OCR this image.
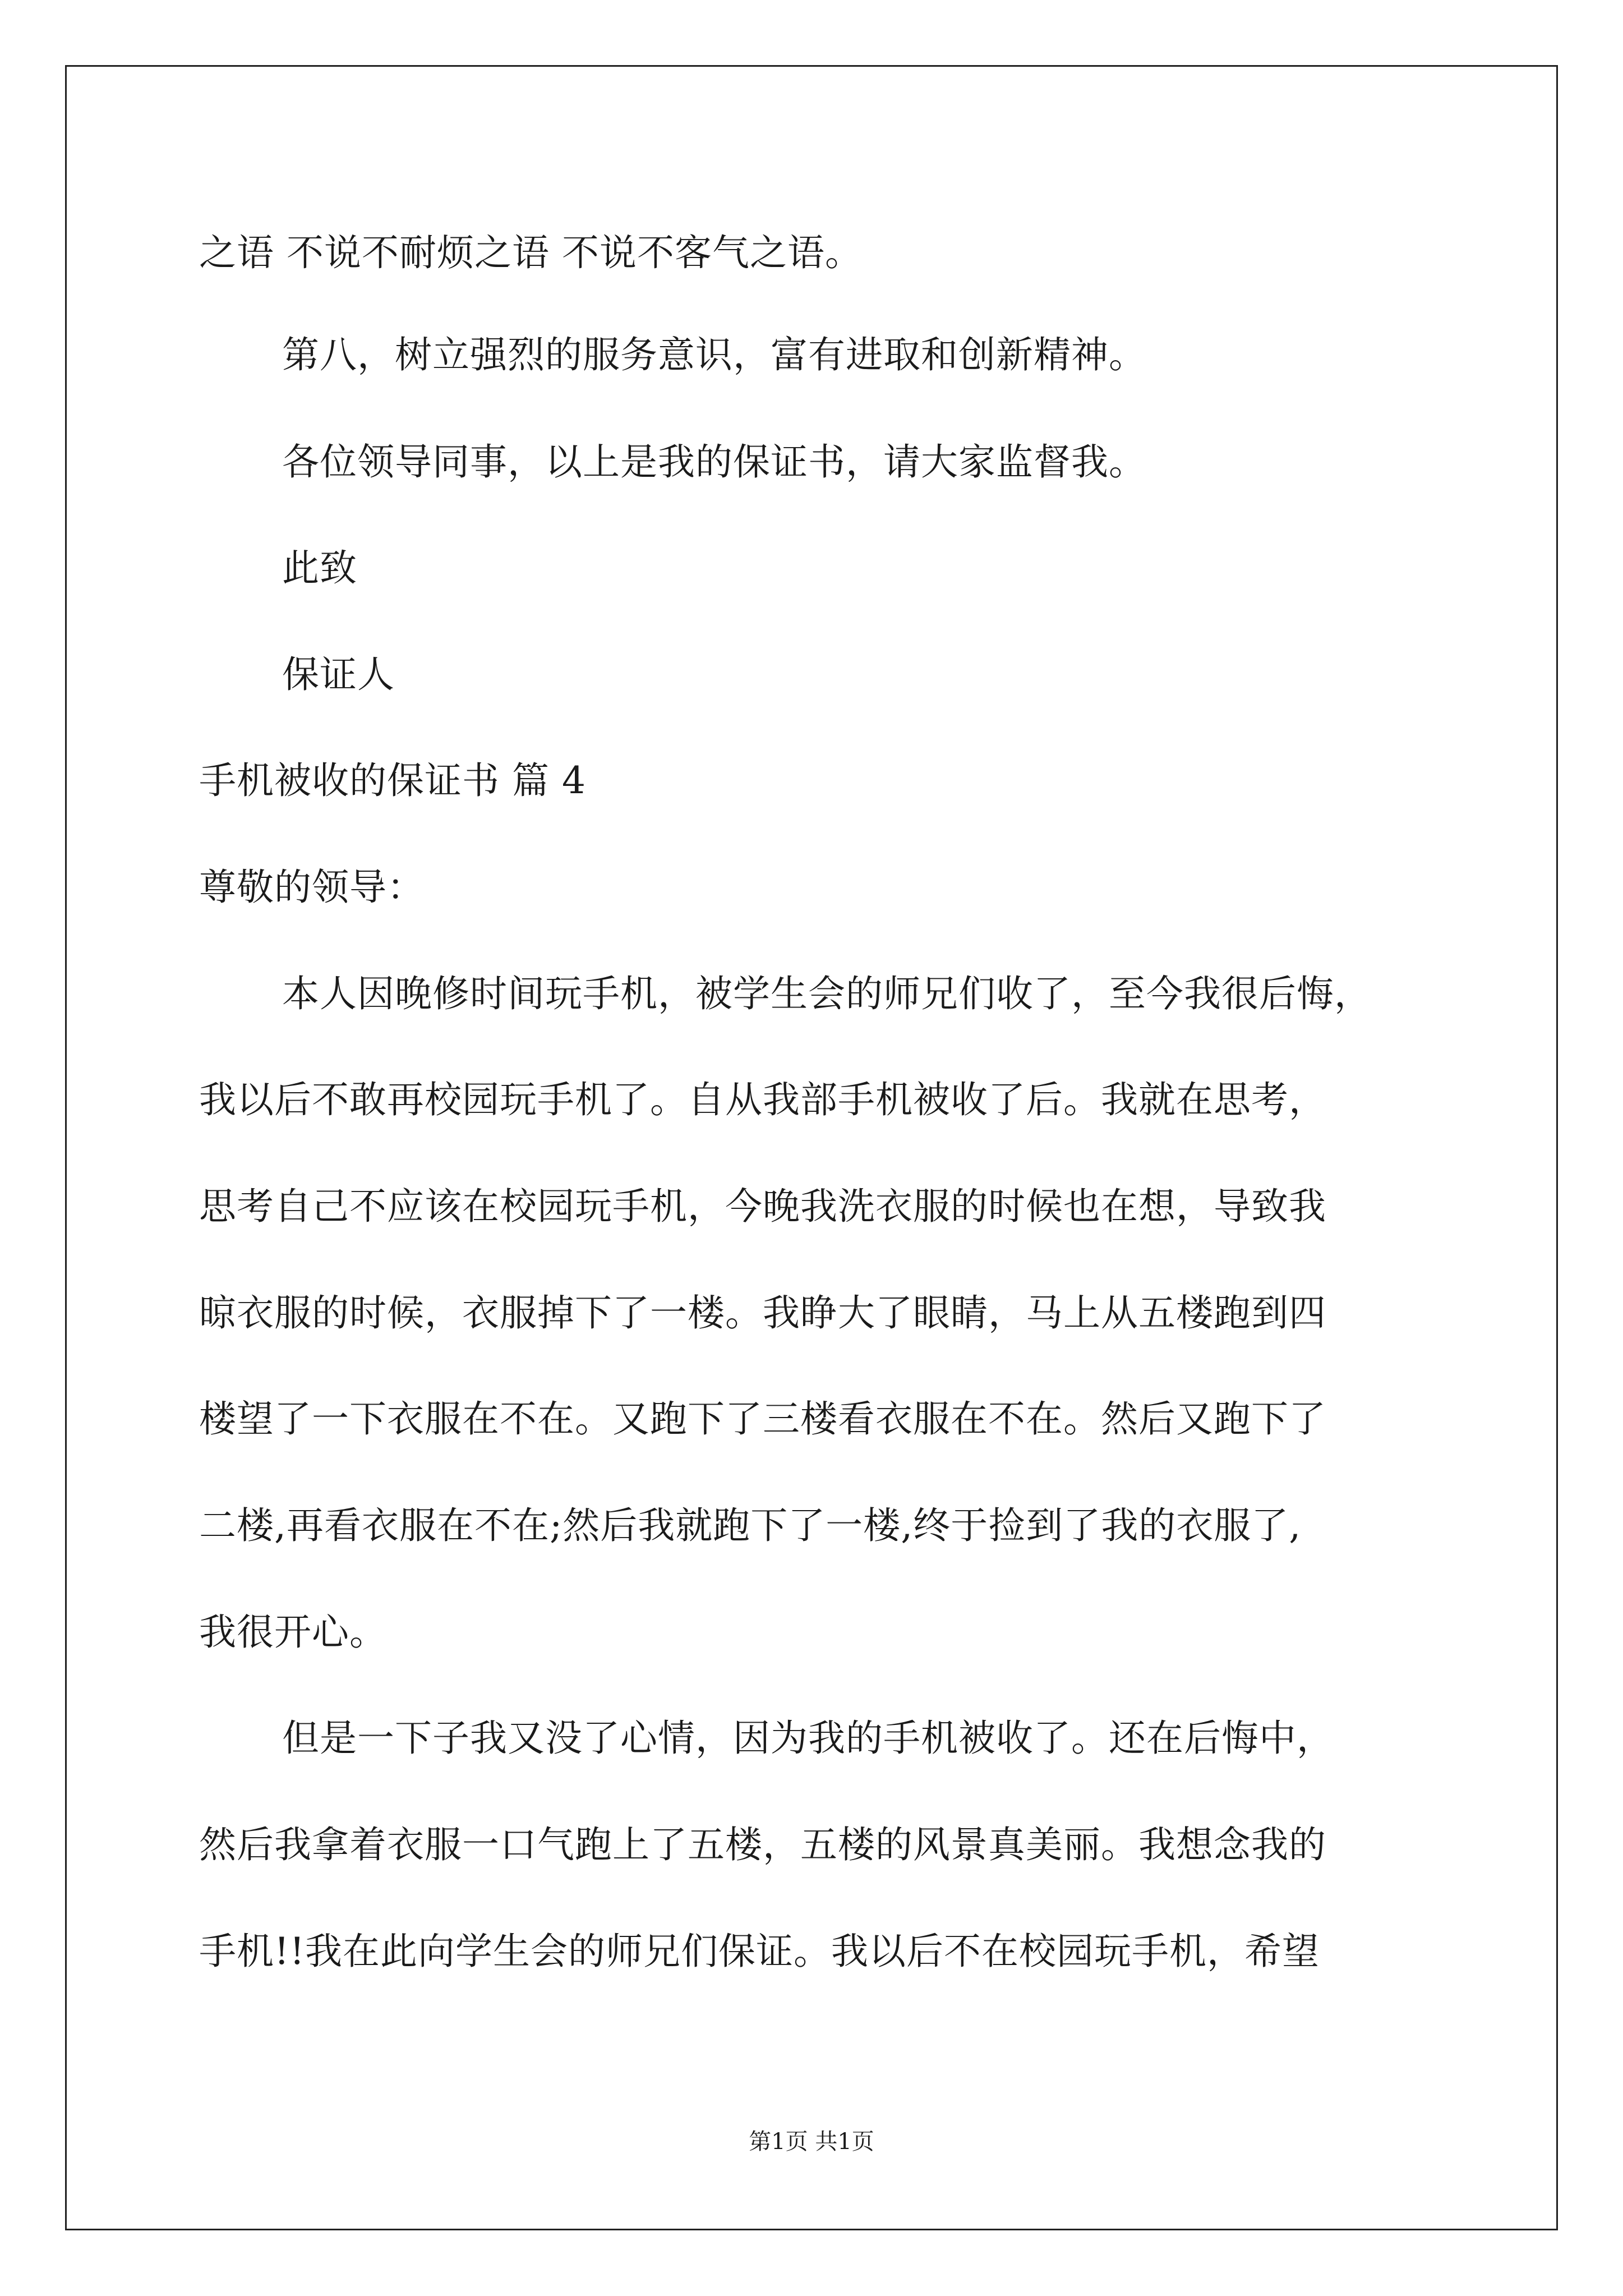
之语 不说不耐烦之语 不说不客气之语。
第八，树立强烈的服务意识，富有进取和创新精神。
各位领导同事，以上是我的保证书，请大家监督我。
此致
保证人
手机被收的保证书 篇 4
尊敬的领导：
本人因晚修时间玩手机，被学生会的师兄们收了，至今我很后悔，
我以后不敢再校园玩手机了。自从我部手机被收了后。我就在思考，
思考自己不应该在校园玩手机，今晚我洗衣服的时候也在想，导致我
晾衣服的时候，衣服掉下了一楼。我睁大了眼睛，马上从五楼跑到四
楼望了一下衣服在不在。又跑下了三楼看衣服在不在。然后又跑下了
二楼,再看衣服在不在;然后我就跑下了一楼,终于捡到了我的衣服了,
我很开心。
但是一下子我又没了心情，因为我的手机被收了。还在后悔中，
然后我拿着衣服一口气跑上了五楼，五楼的风景真美丽。我想念我的
手机!!我在此向学生会的师兄们保证。我以后不在校园玩手机，希望
第1页 共1页
